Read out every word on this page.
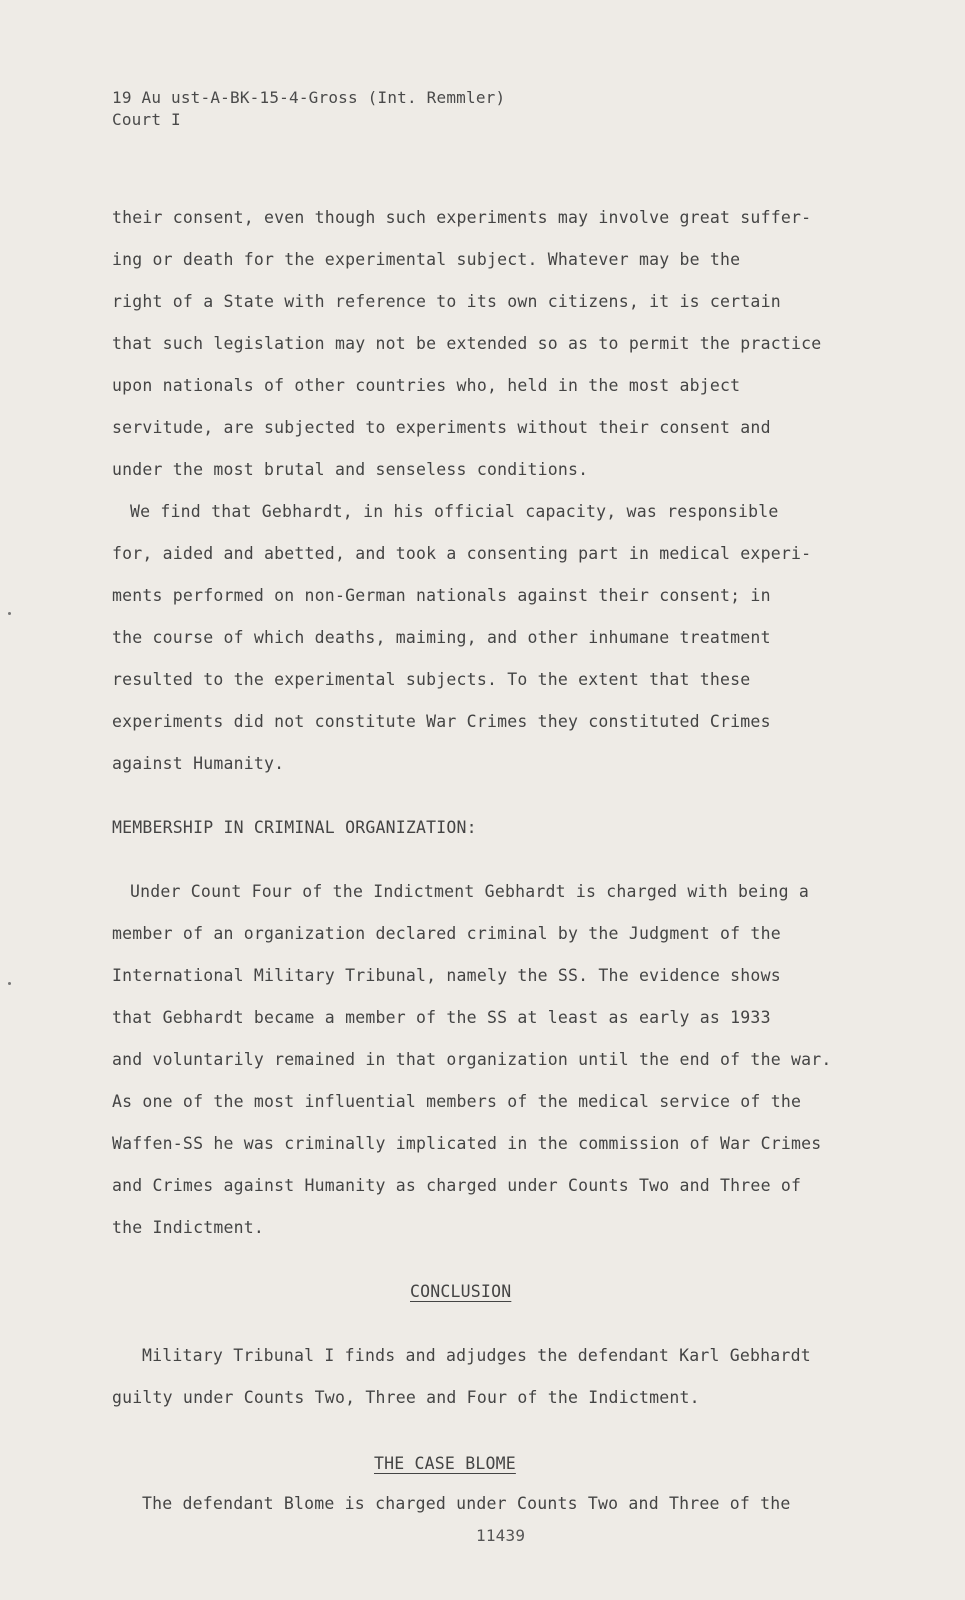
19 Au ust-A-BK-15-4-Gross (Int. Remmler)
Court I
their consent, even though such experiments may involve great suffer-
ing or death for the experimental subject. Whatever may be the
right of a State with reference to its own citizens, it is certain
that such legislation may not be extended so as to permit the practice
upon nationals of other countries who, held in the most abject
servitude, are subjected to experiments without their consent and
under the most brutal and senseless conditions.
We find that Gebhardt, in his official capacity, was responsible
for, aided and abetted, and took a consenting part in medical experi-
ments performed on non-German nationals against their consent; in
the course of which deaths, maiming, and other inhumane treatment
resulted to the experimental subjects. To the extent that these
experiments did not constitute War Crimes they constituted Crimes
against Humanity.
MEMBERSHIP IN CRIMINAL ORGANIZATION:
Under Count Four of the Indictment Gebhardt is charged with being a
member of an organization declared criminal by the Judgment of the
International Military Tribunal, namely the SS. The evidence shows
that Gebhardt became a member of the SS at least as early as 1933
and voluntarily remained in that organization until the end of the war.
As one of the most influential members of the medical service of the
Waffen-SS he was criminally implicated in the commission of War Crimes
and Crimes against Humanity as charged under Counts Two and Three of
the Indictment.
CONCLUSION
Military Tribunal I finds and adjudges the defendant Karl Gebhardt
guilty under Counts Two, Three and Four of the Indictment.
THE CASE BLOME
The defendant Blome is charged under Counts Two and Three of the
11439
